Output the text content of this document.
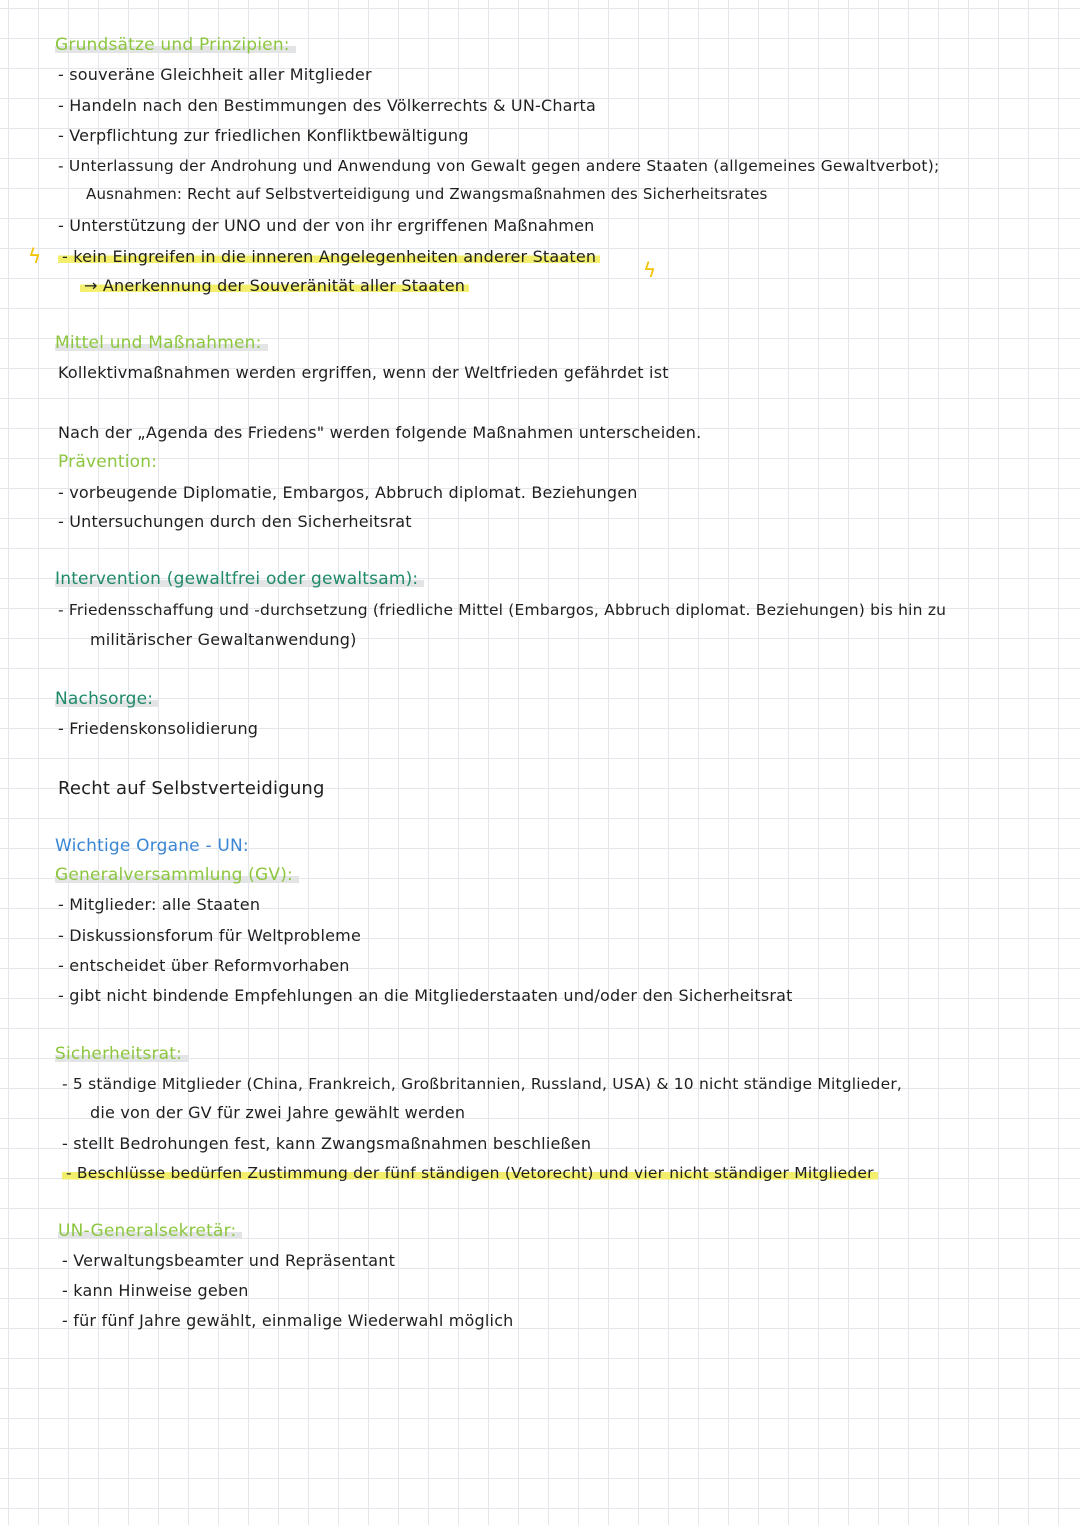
Grundsätze und Prinzipien:
- souveräne Gleichheit aller Mitglieder
- Handeln nach den Bestimmungen des Völkerrechts & UN-Charta
- Verpflichtung zur friedlichen Konfliktbewältigung
- Unterlassung der Androhung und Anwendung von Gewalt gegen andere Staaten (allgemeines Gewaltverbot);
Ausnahmen: Recht auf Selbstverteidigung und Zwangsmaßnahmen des Sicherheitsrates
- Unterstützung der UNO und der von ihr ergriffenen Maßnahmen
- kein Eingreifen in die inneren Angelegenheiten anderer Staaten
→ Anerkennung der Souveränität aller Staaten
ϟ
ϟ
Mittel und Maßnahmen:
Kollektivmaßnahmen werden ergriffen, wenn der Weltfrieden gefährdet ist
Nach der „Agenda des Friedens" werden folgende Maßnahmen unterscheiden.
Prävention:
- vorbeugende Diplomatie, Embargos, Abbruch diplomat. Beziehungen
- Untersuchungen durch den Sicherheitsrat
Intervention (gewaltfrei oder gewaltsam):
- Friedensschaffung und -durchsetzung (friedliche Mittel (Embargos, Abbruch diplomat. Beziehungen) bis hin zu
militärischer Gewaltanwendung)
Nachsorge:
- Friedenskonsolidierung
Recht auf Selbstverteidigung
Wichtige Organe - UN:
Generalversammlung (GV):
- Mitglieder: alle Staaten
- Diskussionsforum für Weltprobleme
- entscheidet über Reformvorhaben
- gibt nicht bindende Empfehlungen an die Mitgliederstaaten und/oder den Sicherheitsrat
Sicherheitsrat:
- 5 ständige Mitglieder (China, Frankreich, Großbritannien, Russland, USA) & 10 nicht ständige Mitglieder,
die von der GV für zwei Jahre gewählt werden
- stellt Bedrohungen fest, kann Zwangsmaßnahmen beschließen
- Beschlüsse bedürfen Zustimmung der fünf ständigen (Vetorecht) und vier nicht ständiger Mitglieder
UN-Generalsekretär:
- Verwaltungsbeamter und Repräsentant
- kann Hinweise geben
- für fünf Jahre gewählt, einmalige Wiederwahl möglich
